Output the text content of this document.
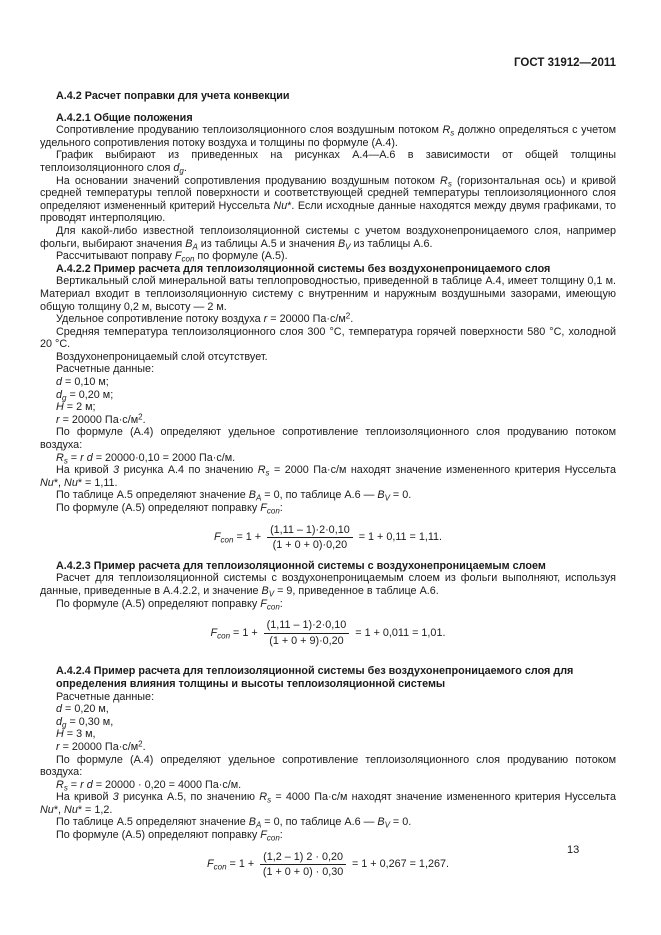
ГОСТ 31912—2011
А.4.2 Расчет поправки для учета конвекции
А.4.2.1 Общие положения
Сопротивление продуванию теплоизоляционного слоя воздушным потоком $R_s$ должно определяться с учетом удельного сопротивления потоку воздуха и толщины по формуле (А.4).
График выбирают из приведенных на рисунках А.4—А.6 в зависимости от общей толщины теплоизоляционного слоя $d_g$.
На основании значений сопротивления продуванию воздушным потоком $R_s$ (горизонтальная ось) и кривой средней температуры теплой поверхности и соответствующей средней температуры теплоизоляционного слоя определяют измененный критерий Нуссельта Nu*. Если исходные данные находятся между двумя графиками, то проводят интерполяцию.
Для какой-либо известной теплоизоляционной системы с учетом воздухонепроницаемого слоя, например фольги, выбирают значения $B_A$ из таблицы А.5 и значения $B_V$ из таблицы А.6.
Рассчитывают поправу $F_{con}$ по формуле (А.5).
А.4.2.2 Пример расчета для теплоизоляционной системы без воздухонепроницаемого слоя
Вертикальный слой минеральной ваты теплопроводностью, приведенной в таблице А.4, имеет толщину 0,1 м. Материал входит в теплоизоляционную систему с внутренним и наружным воздушными зазорами, имеющую общую толщину 0,2 м, высоту — 2 м.
Удельное сопротивление потоку воздуха r = 20000 $Па\cdot с/м^2$.
Средняя температура теплоизоляционного слоя 300 °С, температура горячей поверхности 580 °С, холодной 20 °С.
Воздухонепроницаемый слой отсутствует.
Расчетные данные:
d = 0,10 м;
$d_g = 0,20$ м;
H = 2 м;
r = 20000 $Па\cdot с/м^2$.
По формуле (А.4) определяют удельное сопротивление теплоизоляционного слоя продуванию потоком воздуха:
$R_s = r$ d = 20000·0,10 = 2000 Па·с/м.
На кривой 3 рисунка А.4 по значению $R_s = 2000$ Па·с/м находят значение измененного критерия Нуссельта Nu*, Nu* = 1,11.
По таблице А.5 определяют значение $B_A = 0$, по таблице А.6 — $B_V = 0$.
По формуле (А.5) определяют поправку $F_{con}$:
$F_{con} = 1 + \frac{(1,11 - 1)\cdot 2\cdot 0,10}{(1 + 0 + 0)\cdot 0,20} = 1 + 0,11 = 1,11$.
А.4.2.3 Пример расчета для теплоизоляционной системы с воздухонепроницаемым слоем
Расчет для теплоизоляционной системы с воздухонепроницаемым слоем из фольги выполняют, используя данные, приведенные в А.4.2.2, и значение $B_V = 9$, приведенное в таблице А.6.
По формуле (А.5) определяют поправку $F_{con}$:
$F_{con} = 1 + \frac{(1,11 - 1)\cdot 2\cdot 0,10}{(1 + 0 + 9)\cdot 0,20} = 1 + 0,011 = 1,01$.
А.4.2.4 Пример расчета для теплоизоляционной системы без воздухонепроницаемого слоя для определения влияния толщины и высоты теплоизоляционной системы
Расчетные данные:
d = 0,20 м,
$d_g = 0,30$ м,
H = 3 м,
r = 20000 $Па\cdot с/м^2$.
По формуле (А.4) определяют удельное сопротивление теплоизоляционного слоя продуванию потоком воздуха:
$R_s = r$ d = 20000 · 0,20 = 4000 Па·с/м.
На кривой 3 рисунка А.5, по значению $R_s = 4000$ Па·с/м находят значение измененного критерия Нуссельта Nu*, Nu* = 1,2.
По таблице А.5 определяют значение $B_A = 0$, по таблице А.6 — $B_V = 0$.
По формуле (А.5) определяют поправку $F_{con}$:
$F_{con} = 1 + \frac{(1,2 - 1) 2 \cdot 0,20}{(1 + 0 + 0) \cdot 0,30} = 1 + 0,267 = 1,267$.
13
